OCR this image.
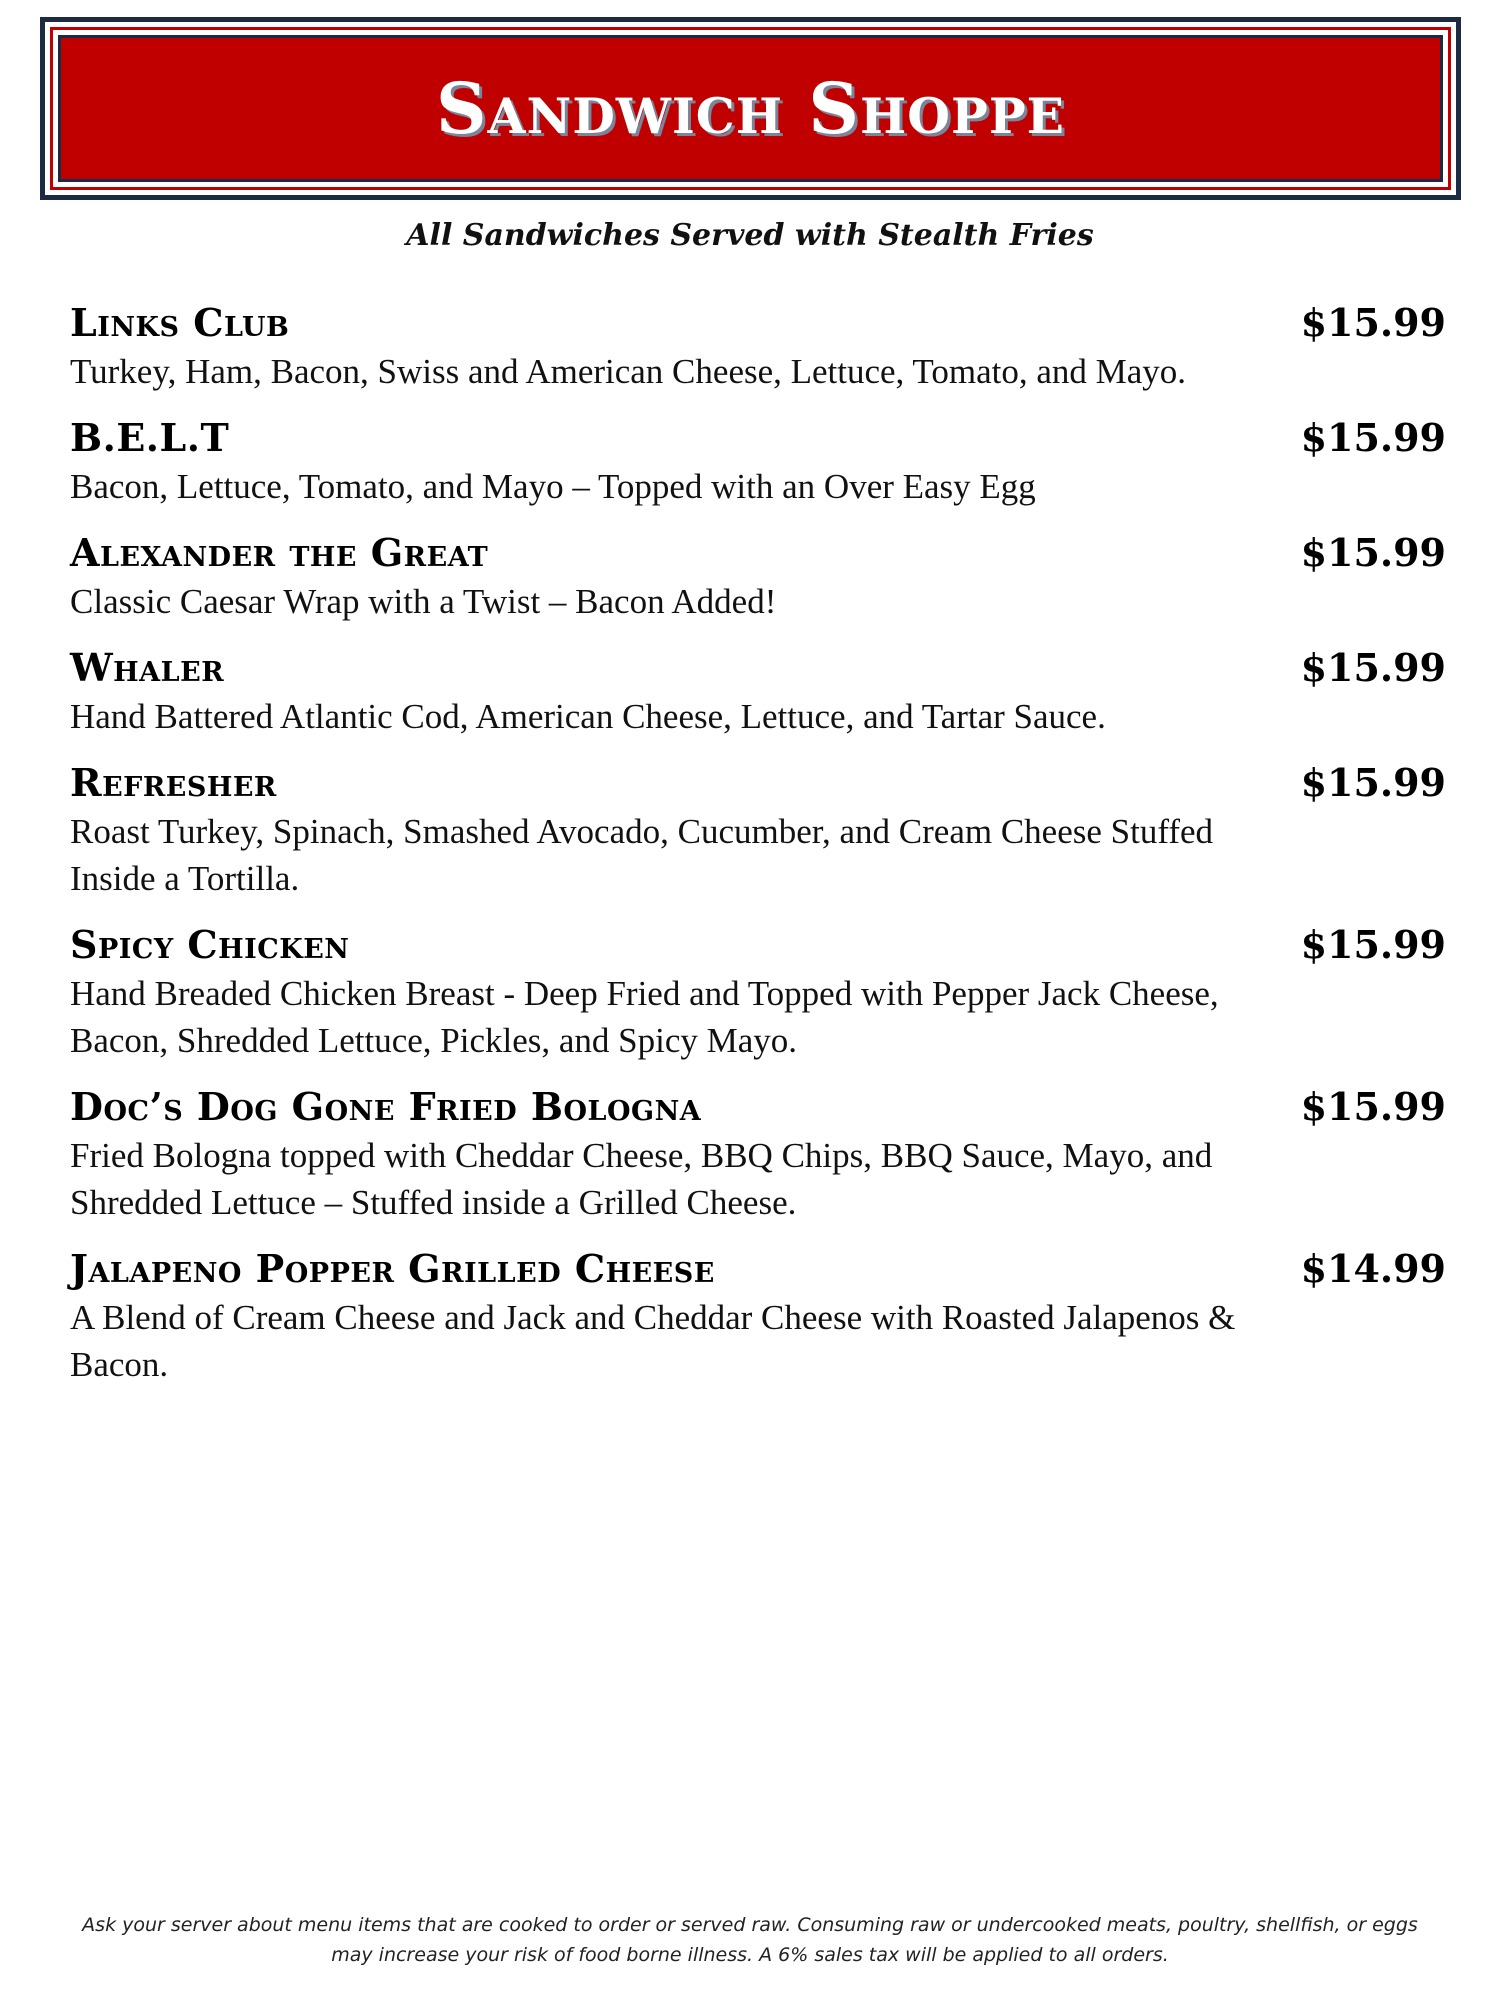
Sandwich Shoppe
All Sandwiches Served with Stealth Fries
Links Club	$15.99
Turkey, Ham, Bacon, Swiss and American Cheese, Lettuce, Tomato, and Mayo.
B.E.L.T	$15.99
Bacon, Lettuce, Tomato, and Mayo – Topped with an Over Easy Egg
Alexander the Great	$15.99
Classic Caesar Wrap with a Twist – Bacon Added!
Whaler	$15.99
Hand Battered Atlantic Cod, American Cheese, Lettuce, and Tartar Sauce.
Refresher	$15.99
Roast Turkey, Spinach, Smashed Avocado, Cucumber, and Cream Cheese Stuffed Inside a Tortilla.
Spicy Chicken	$15.99
Hand Breaded Chicken Breast - Deep Fried and Topped with Pepper Jack Cheese, Bacon, Shredded Lettuce, Pickles, and Spicy Mayo.
Doc’s Dog Gone Fried Bologna	$15.99
Fried Bologna topped with Cheddar Cheese, BBQ Chips, BBQ Sauce, Mayo, and Shredded Lettuce – Stuffed inside a Grilled Cheese.
Jalapeno Popper Grilled Cheese	$14.99
A Blend of Cream Cheese and Jack and Cheddar Cheese with Roasted Jalapenos & Bacon.
Ask your server about menu items that are cooked to order or served raw. Consuming raw or undercooked meats, poultry, shellfish, or eggs may increase your risk of food borne illness. A 6% sales tax will be applied to all orders.
